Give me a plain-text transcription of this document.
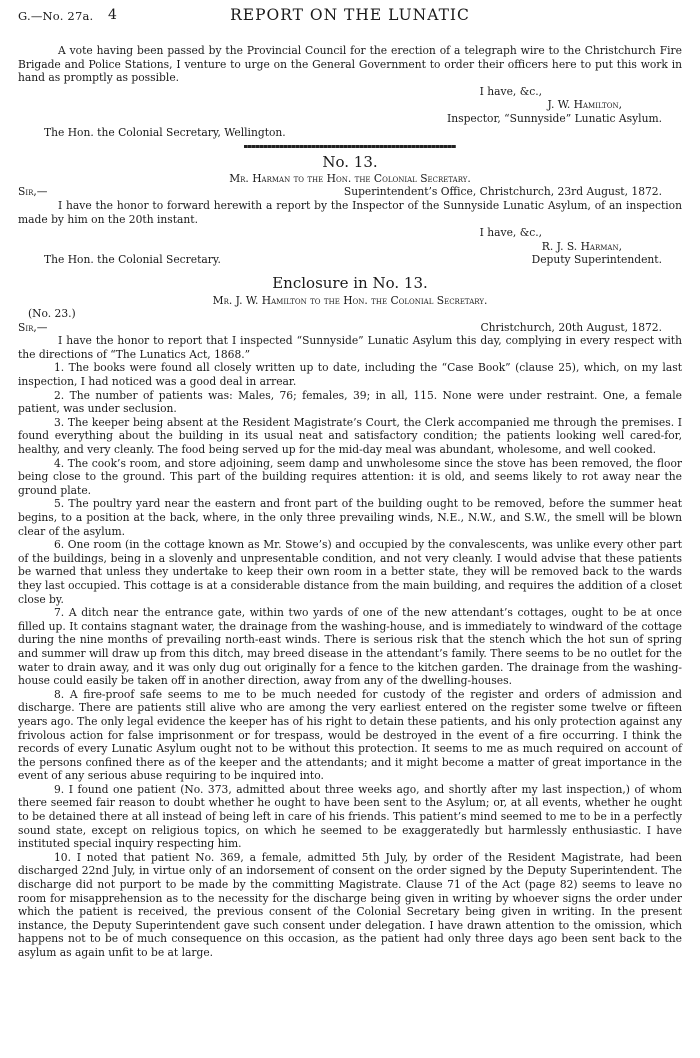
G.—No. 27a. 4	REPORT ON THE LUNATIC

A vote having been passed by the Provincial Council for the erection of a telegraph wire to the Christchurch Fire Brigade and Police Stations, I venture to urge on the General Government to order their officers here to put this work in hand as promptly as possible.

I have, &c.,

J. W. Hamilton,

Inspector, “Sunnyside” Lunatic Asylum.

The Hon. the Colonial Secretary, Wellington.

No. 13.

Mr. Harman to the Hon. the Colonial Secretary.

Sir,—	Superintendent’s Office, Christchurch, 23rd August, 1872.

I have the honor to forward herewith a report by the Inspector of the Sunnyside Lunatic Asylum, of an inspection made by him on the 20th instant.

I have, &c.,

R. J. S. Harman,

The Hon. the Colonial Secretary.	Deputy Superintendent.
Enclosure in No. 13.

Mr. J. W. Hamilton to the Hon. the Colonial Secretary.

(No. 23.)

Sir,—	Christchurch, 20th August, 1872.

I have the honor to report that I inspected “Sunnyside” Lunatic Asylum this day, complying in every respect with the directions of “The Lunatics Act, 1868.”

1. The books were found all closely written up to date, including the “Case Book” (clause 25), which, on my last inspection, I had noticed was a good deal in arrear.

2. The number of patients was: Males, 76; females, 39; in all, 115. None were under restraint. One, a female patient, was under seclusion.

3. The keeper being absent at the Resident Magistrate’s Court, the Clerk accompanied me through the premises. I found everything about the building in its usual neat and satisfactory condition; the patients looking well cared-for, healthy, and very cleanly. The food being served up for the mid-day meal was abundant, wholesome, and well cooked.

4. The cook’s room, and store adjoining, seem damp and unwholesome since the stove has been removed, the floor being close to the ground. This part of the building requires attention: it is old, and seems likely to rot away near the ground plate.

5. The poultry yard near the eastern and front part of the building ought to be removed, before the summer heat begins, to a position at the back, where, in the only three prevailing winds, N.E., N.W., and S.W., the smell will be blown clear of the asylum.

6. One room (in the cottage known as Mr. Stowe’s) and occupied by the convalescents, was unlike every other part of the buildings, being in a slovenly and unpresentable condition, and not very cleanly. I would advise that these patients be warned that unless they undertake to keep their own room in a better state, they will be removed back to the wards they last occupied. This cottage is at a considerable distance from the main building, and requires the addition of a closet close by.

7. A ditch near the entrance gate, within two yards of one of the new attendant’s cottages, ought to be at once filled up. It contains stagnant water, the drainage from the washing-house, and is immediately to windward of the cottage during the nine months of prevailing north-east winds. There is serious risk that the stench which the hot sun of spring and summer will draw up from this ditch, may breed disease in the attendant’s family. There seems to be no outlet for the water to drain away, and it was only dug out originally for a fence to the kitchen garden. The drainage from the washing-house could easily be taken off in another direction, away from any of the dwelling-houses.

8. A fire-proof safe seems to me to be much needed for custody of the register and orders of admission and discharge. There are patients still alive who are among the very earliest entered on the register some twelve or fifteen years ago. The only legal evidence the keeper has of his right to detain these patients, and his only protection against any frivolous action for false imprisonment or for trespass, would be destroyed in the event of a fire occurring. I think the records of every Lunatic Asylum ought not to be without this protection. It seems to me as much required on account of the persons confined there as of the keeper and the attendants; and it might become a matter of great importance in the event of any serious abuse requiring to be inquired into.

9. I found one patient (No. 373, admitted about three weeks ago, and shortly after my last inspection,) of whom there seemed fair reason to doubt whether he ought to have been sent to the Asylum; or, at all events, whether he ought to be detained there at all instead of being left in care of his friends. This patient’s mind seemed to me to be in a perfectly sound state, except on religious topics, on which he seemed to be exaggeratedly but harmlessly enthusiastic. I have instituted special inquiry respecting him.

10. I noted that patient No. 369, a female, admitted 5th July, by order of the Resident Magistrate, had been discharged 22nd July, in virtue only of an indorsement of consent on the order signed by the Deputy Superintendent. The discharge did not purport to be made by the committing Magistrate. Clause 71 of the Act (page 82) seems to leave no room for misapprehension as to the necessity for the discharge being given in writing by whoever signs the order under which the patient is received, the previous consent of the Colonial Secretary being given in writing. In the present instance, the Deputy Superintendent gave such consent under delegation. I have drawn attention to the omission, which happens not to be of much consequence on this occasion, as the patient had only three days ago been sent back to the asylum as again unfit to be at large.
